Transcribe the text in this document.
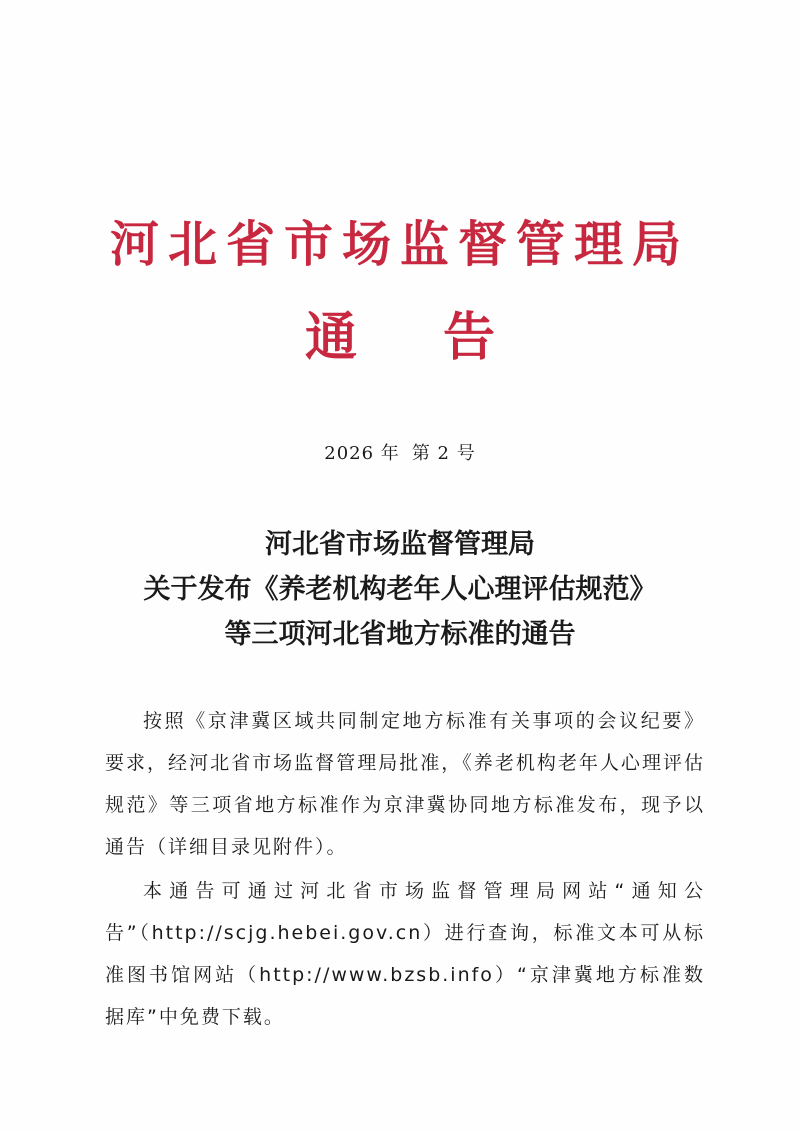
河北省市场监督管理局
通 告
2026 年 第 2 号
河北省市场监督管理局
关于发布《养老机构老年人心理评估规范》
等三项河北省地方标准的通告

按照《京津冀区域共同制定地方标准有关事项的会议纪要》要求，经河北省市场监督管理局批准，《养老机构老年人心理评估规范》等三项省地方标准作为京津冀协同地方标准发布，现予以通告（详细目录见附件）。

本通告可通过河北省市场监督管理局网站“通知公告”（http://scjg.hebei.gov.cn）进行查询，标准文本可从标准图书馆网站（http://www.bzsb.info）“京津冀地方标准数据库”中免费下载。
